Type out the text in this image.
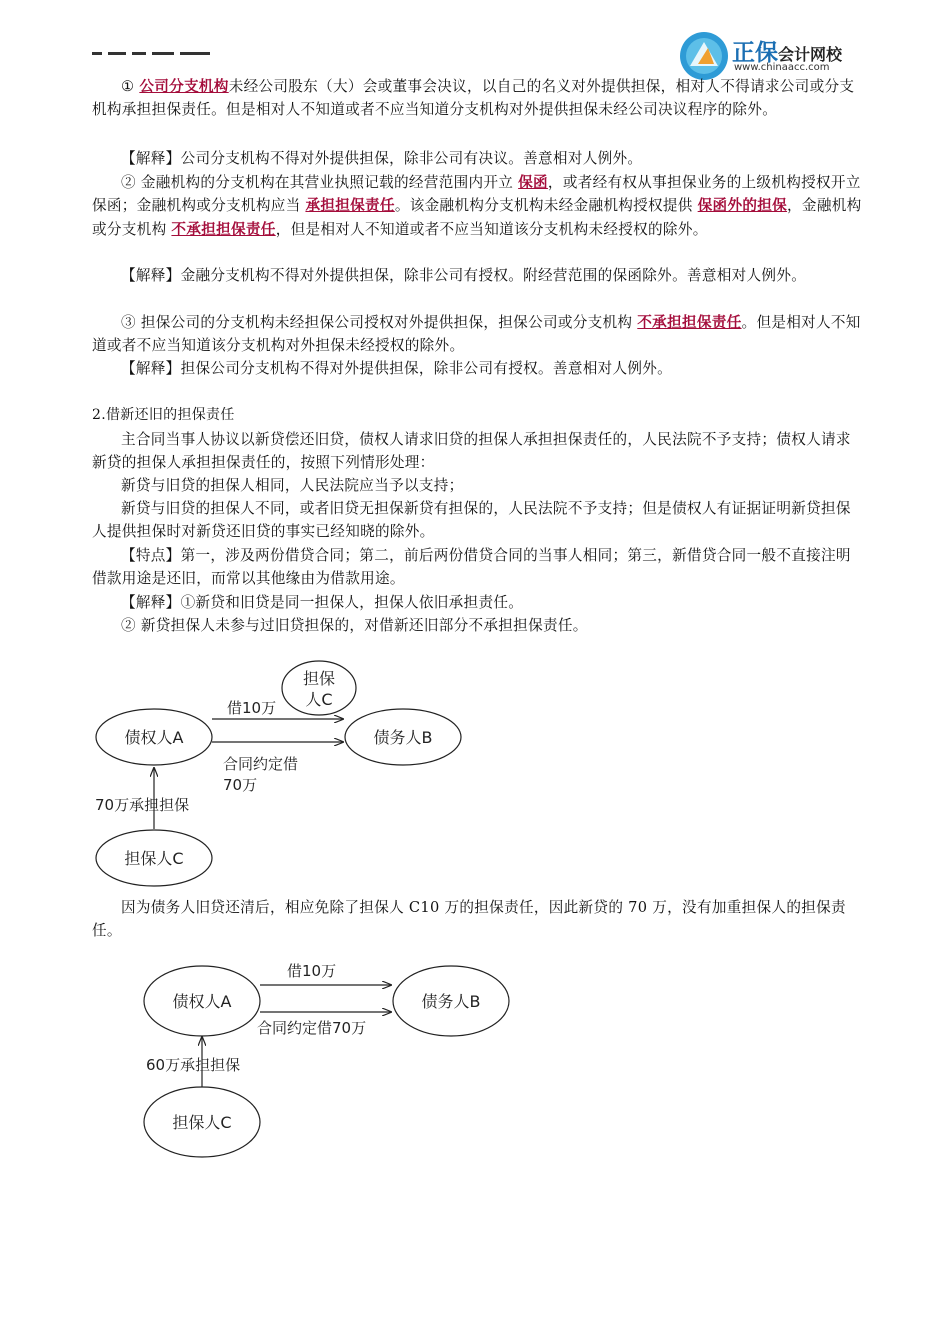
正保会计网校
www.chinaacc.com

① 公司分支机构未经公司股东（大）会或董事会决议，以自己的名义对外提供担保，相对人不得请求公司或分支机构承担担保责任。但是相对人不知道或者不应当知道分支机构对外提供担保未经公司决议程序的除外。

【解释】公司分支机构不得对外提供担保，除非公司有决议。善意相对人例外。

② 金融机构的分支机构在其营业执照记载的经营范围内开立 保函，或者经有权从事担保业务的上级机构授权开立保函；金融机构或分支机构应当 承担担保责任。该金融机构分支机构未经金融机构授权提供 保函外的担保，金融机构或分支机构 不承担担保责任，但是相对人不知道或者不应当知道该分支机构未经授权的除外。

【解释】金融分支机构不得对外提供担保，除非公司有授权。附经营范围的保函除外。善意相对人例外。

③ 担保公司的分支机构未经担保公司授权对外提供担保，担保公司或分支机构 不承担担保责任。但是相对人不知道或者不应当知道该分支机构对外担保未经授权的除外。

【解释】担保公司分支机构不得对外提供担保，除非公司有授权。善意相对人例外。

2.借新还旧的担保责任

主合同当事人协议以新贷偿还旧贷，债权人请求旧贷的担保人承担担保责任的，人民法院不予支持；债权人请求新贷的担保人承担担保责任的，按照下列情形处理：

新贷与旧贷的担保人相同，人民法院应当予以支持；

新贷与旧贷的担保人不同，或者旧贷无担保新贷有担保的，人民法院不予支持；但是债权人有证据证明新贷担保人提供担保时对新贷还旧贷的事实已经知晓的除外。

【特点】第一，涉及两份借贷合同；第二，前后两份借贷合同的当事人相同；第三，新借贷合同一般不直接注明借款用途是还旧，而常以其他缘由为借款用途。

【解释】①新贷和旧贷是同一担保人，担保人依旧承担责任。

② 新贷担保人未参与过旧贷担保的，对借新还旧部分不承担担保责任。

因为债务人旧贷还清后，相应免除了担保人 C10 万的担保责任，因此新贷的 70 万，没有加重担保人的担保责任。

债权人A	债务人B
担保
人C
借10万
合同约定借
70万
担保人C
70万承担担保
债权人A	债务人B
借10万
合同约定借70万
担保人C
60万承担担保
